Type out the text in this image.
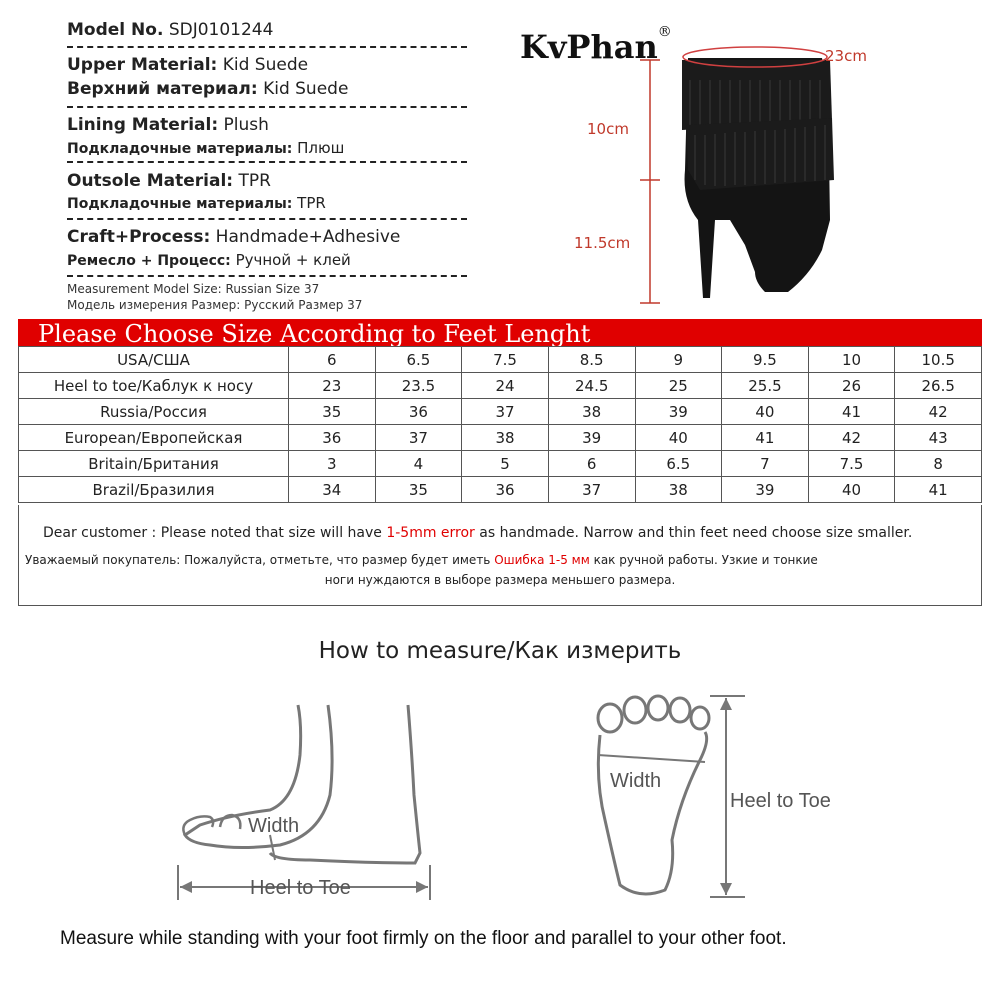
Model No. SDJ0101244
Upper Material: Kid Suede
Верхний материал: Kid Suede
Lining Material: Plush
Подкладочные материалы: Плюш
Outsole Material: TPR
Подкладочные материалы: TPR
Craft+Process: Handmade+Adhesive
Ремесло + Процесс: Ручной + клей
Measurement Model Size: Russian Size 37
Модель измерения Размер: Русский Размер 37
KvPhan®
23cm
10cm
11.5cm
Please Choose Size According to Feet Lenght
USA/CША	6	6.5	7.5	8.5	9	9.5	10	10.5
Heel to toe/Каблук к носу	23	23.5	24	24.5	25	25.5	26	26.5
Russia/Россия	35	36	37	38	39	40	41	42
European/Европейская	36	37	38	39	40	41	42	43
Britain/Британия	3	4	5	6	6.5	7	7.5	8
Brazil/Бразилия	34	35	36	37	38	39	40	41
Dear customer : Please noted that size will have 1-5mm error as handmade. Narrow and thin feet need choose size smaller.
Уважаемый покупатель: Пожалуйста, отметьте, что размер будет иметь Ошибка 1-5 мм как ручной работы. Узкие и тонкие
ноги нуждаются в выборе размера меньшего размера.
How to measure/Как измерить
Width
Heel to Toe
Width
Heel to Toe
Measure while standing with your foot firmly on the floor and parallel to your other foot.
